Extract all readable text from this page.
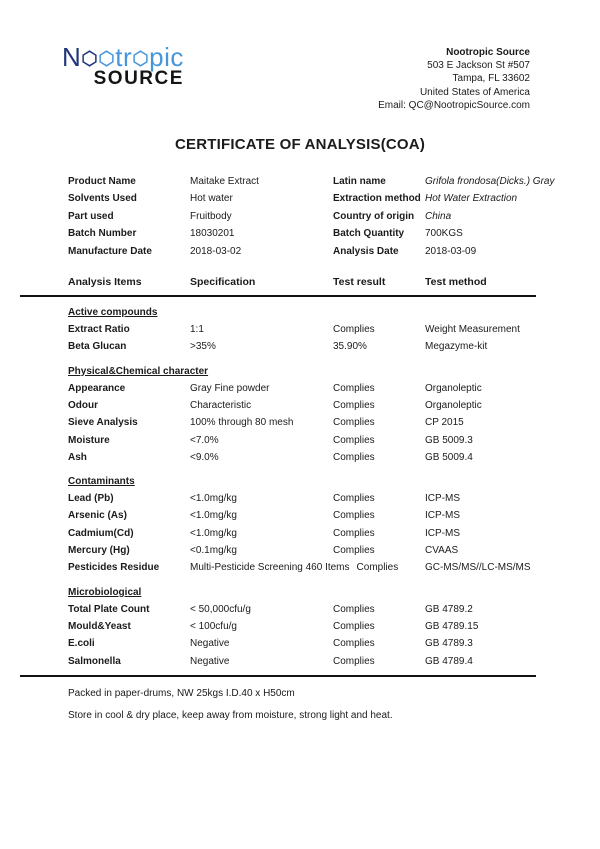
N tr pic
SOURCE
Nootropic Source
503 E Jackson St #507
Tampa, FL 33602
United States of America
Email: QC@NootropicSource.com
CERTIFICATE OF ANALYSIS(COA)
Product Name	Maitake Extract	Latin name	Grifola frondosa(Dicks.) Gray
Solvents Used	Hot water	Extraction method Hot Water Extraction
Part used	Fruitbody	Country of origin	China
Batch Number	18030201	Batch Quantity	700KGS
Manufacture Date	2018-03-02	Analysis Date	2018-03-09
Analysis Items	Specification	Test result	Test method
Active compounds
Extract Ratio	1:1	Complies	Weight Measurement
Beta Glucan	>35%	35.90%	Megazyme-kit
Physical&Chemical character
Appearance	Gray Fine powder	Complies	Organoleptic
Odour	Characteristic	Complies	Organoleptic
Sieve Analysis	100% through 80 mesh	Complies	CP 2015
Moisture	<7.0%	Complies	GB 5009.3
Ash	<9.0%	Complies	GB 5009.4
Contaminants
Lead (Pb)	<1.0mg/kg	Complies	ICP-MS
Arsenic (As)	<1.0mg/kg	Complies	ICP-MS
Cadmium(Cd)	<1.0mg/kg	Complies	ICP-MS
Mercury (Hg)	<0.1mg/kg	Complies	CVAAS
Pesticides Residue	Multi-Pesticide Screening 460 Items Complies	GC-MS/MS//LC-MS/MS
Microbiological
Total Plate Count	< 50,000cfu/g	Complies	GB 4789.2
Mould&Yeast	< 100cfu/g	Complies	GB 4789.15
E.coli	Negative	Complies	GB 4789.3
Salmonella	Negative	Complies	GB 4789.4
Packed in paper-drums, NW 25kgs I.D.40 x H50cm
Store in cool & dry place, keep away from moisture, strong light and heat.
